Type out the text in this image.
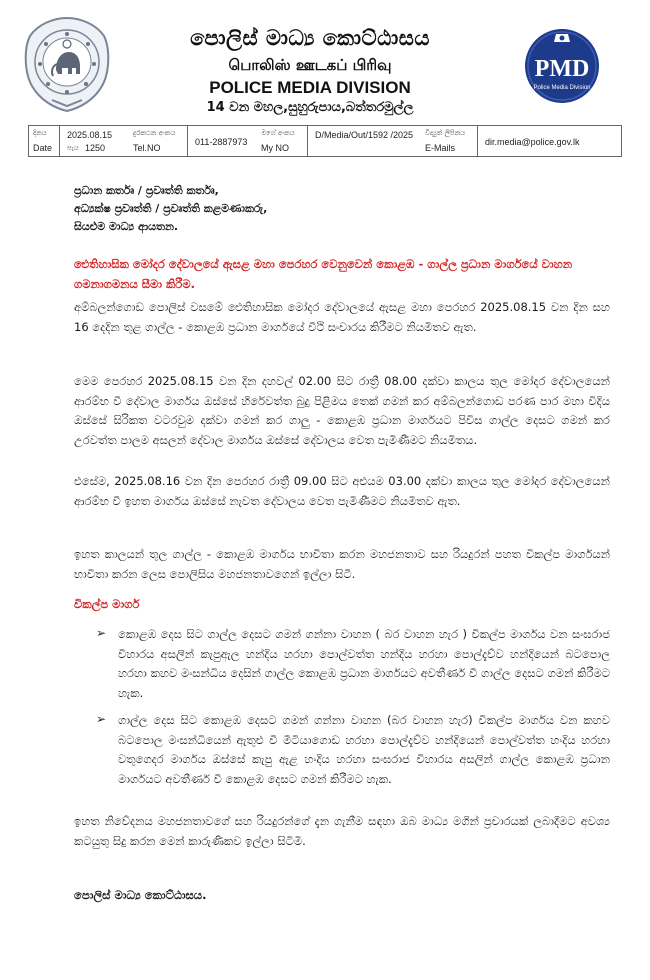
පොලිස් මාධ්‍ය කොට්ඨාසය
பொலிஸ் ஊடகப் பிரிவு
POLICE MEDIA DIVISION
14 වන මහල,සුහුරුපාය,බත්තරමුල්ල
PMD
Police Media Division
දිනය
Date
2025.08.15
පැය 1250
දුරකථන අංකය
Tel.NO
011-2887973
මගේ අංකය
My NO
D/Media/Out/1592 /2025 විද්‍යුත් ලිපිනය
E-Mails
dir.media@police.gov.lk
ප්‍රධාන කර්තෘ / ප්‍රවෘත්ති කර්තෘ,
අධ්‍යක්ෂ ප්‍රවෘත්ති / ප්‍රවෘත්ති කළමණාකරු,
සියළුම මාධ්‍ය ආයතන.
ඓතිහාසික මෝදර දේවාලයේ ඇසළ මහා පෙරහර වෙනුවෙන් කොළඹ - ගාල්ල ප්‍රධාන මාර්ගයේ වාහන ගමනාගමනය සීමා කිරීම.
අම්බලන්ගොඩ පොලිස් වසමේ ඓතිහාසික මෝදර දේවාලයේ ඇසළ මහා පෙරහර 2025.08.15 වන දින සහ 16 දෙදින තුළ ගාල්ල - කොළඹ ප්‍රධාන මාර්ගයේ වීථි සංචාරය කිරීමට නියමිතව ඇත.
මෙම පෙරහර 2025.08.15 වන දින දහවල් 02.00 සිට රාත්‍රී 08.00 දක්වා කාලය තුල මෝදර දේවාලයෙන් ආරම්භ වී දේවාල මාර්ගය ඔස්සේ හිරේවත්ත බුදු පිළිමය තෙක් ගමන් කර අම්බලන්ගොඩ පරණ පාර මහා විදිය ඔස්සේ සිරිකත වටරවුම දක්වා ගමන් කර ගාලු - කොළඹ ප්‍රධාන මාර්ගයට පිවිස ගාල්ල දෙසට ගමන් කර උරවත්ත පාලම අසලන් දේවාල මාර්ගය ඔස්සේ දේවාලය වෙත පැමිණීමට නියමිතය.
එසේම, 2025.08.16 වන දින පෙරහර රාත්‍රී 09.00 සිට අළුයම 03.00 දක්වා කාලය තුල මෝදර දේවාලයෙන් ආරම්භ වී ඉහත මාර්ගය ඔස්සේ නැවත දේවාලය වෙත පැමිණීමට නියමිතව ඇත.
ඉහත කාලයන් තුල ගාල්ල - කොළඹ මාර්ගය භාවිතා කරන මහජනතාව සහ රියදුරන් පහත විකල්ප මාර්ගයන් භාවිතා කරන ලෙස පොලිසිය මහජනතාවගෙන් ඉල්ලා සිටී.
විකල්ප මාර්ග
➢ කොළඹ දෙස සිට ගාල්ල දෙසට ගමන් ගන්නා වාහන ( බර වාහන හැර ) විකල්ප මාර්ගය වන සංඝරාජ විහාරය අසලින් කැපුඇල හන්දිය හරහා පොල්වත්ත හන්දිය හරහා පොල්දැව්ව හන්දියෙන් බටපොල හරහා කහව මංසන්ධිය දෙසින් ගාල්ල කොළඹ ප්‍රධාන මාර්ගයට අවතීර්ණ වී ගාල්ල දෙසට ගමන් කිරීමට හැක.
➢ ගාල්ල දෙස සිට කොළඹ දෙසට ගමන් ගන්නා වාහන (බර වාහන හැර) විකල්ප මාර්ගය වන කහව බටපොල මංසන්ධියෙන් ඇතුළු වී මීටියාගොඩ හරහා පොල්දැව්ව හන්දියෙන් පොල්වත්ත හංදිය හරහා වතුගෙදර මාර්ගය ඔස්සේ කැපු ඇළ හංදිය හරහා සංඝරාජ විහාරය අසලින් ගාල්ල කොළඹ ප්‍රධාන මාර්ගයට අවතීර්ණ වී කොළඹ දෙසට ගමන් කිරීමට හැක.
ඉහත නිවේදනය මහජනතාවගේ සහ රියදුරන්ගේ දැන ගැනීම සඳහා ඔබ මාධ්‍ය මගින් ප්‍රචාරයක් ලබාදීමට අවශ්‍ය කටයුතු සිදු කරන මෙන් කාරුණිකව ඉල්ලා සිටිමි.
පොලිස් මාධ්‍ය කොට්ඨාසය.
